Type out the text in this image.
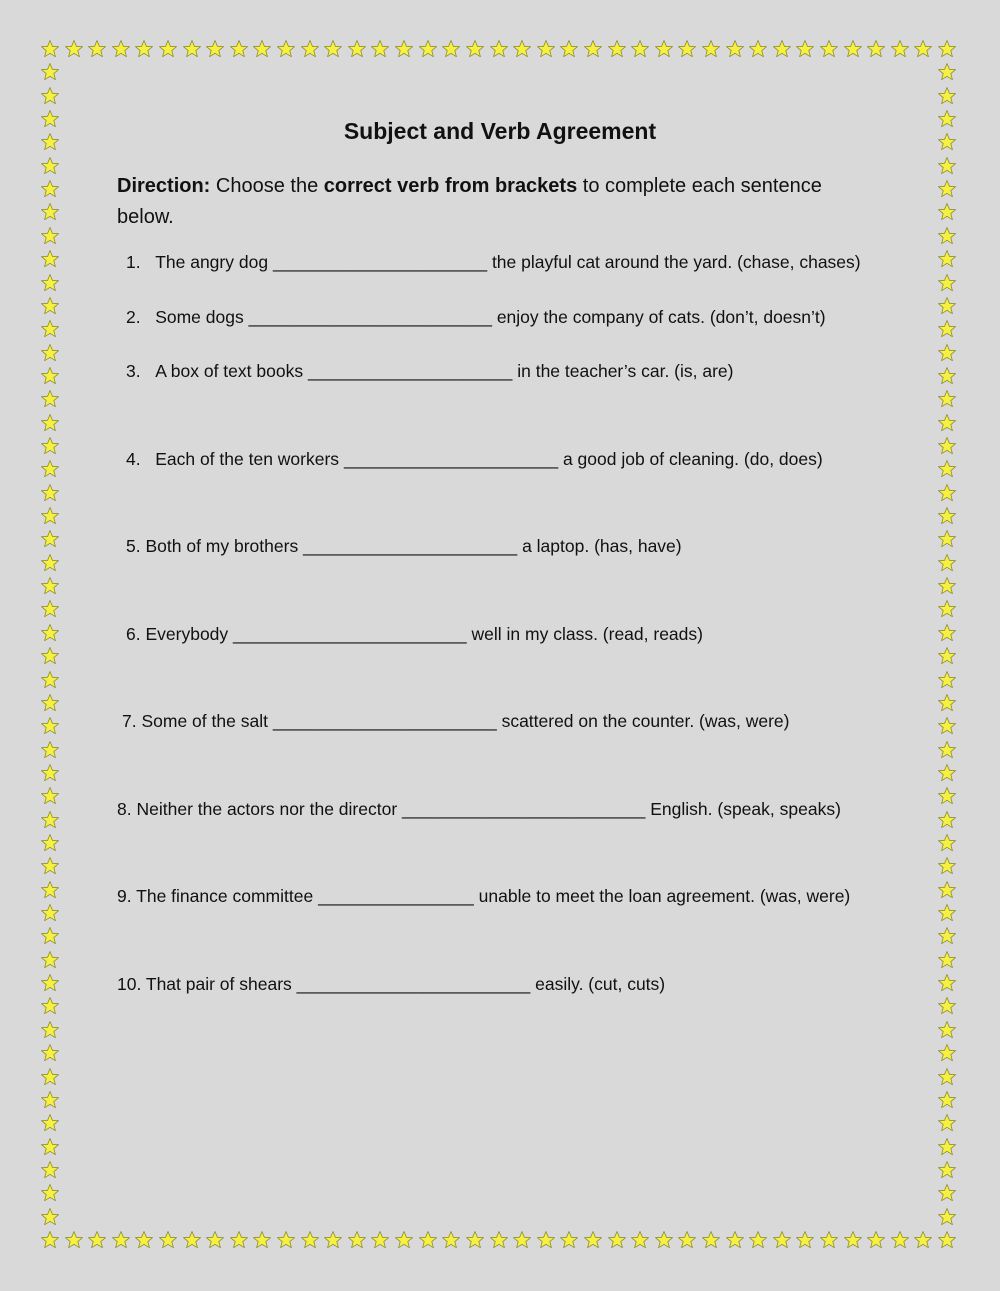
Subject and Verb Agreement
Direction: Choose the correct verb from brackets to complete each sentence below.
1. The angry dog ______________________ the playful cat around the yard. (chase, chases)
2. Some dogs _________________________ enjoy the company of cats. (don’t, doesn’t)
3. A box of text books _____________________ in the teacher’s car. (is, are)
4. Each of the ten workers ______________________ a good job of cleaning. (do, does)
5. Both of my brothers ______________________ a laptop. (has, have)
6. Everybody ________________________ well in my class. (read, reads)
7. Some of the salt _______________________ scattered on the counter. (was, were)
8. Neither the actors nor the director _________________________ English. (speak, speaks)
9. The finance committee ________________ unable to meet the loan agreement. (was, were)
10. That pair of shears ________________________ easily. (cut, cuts)
